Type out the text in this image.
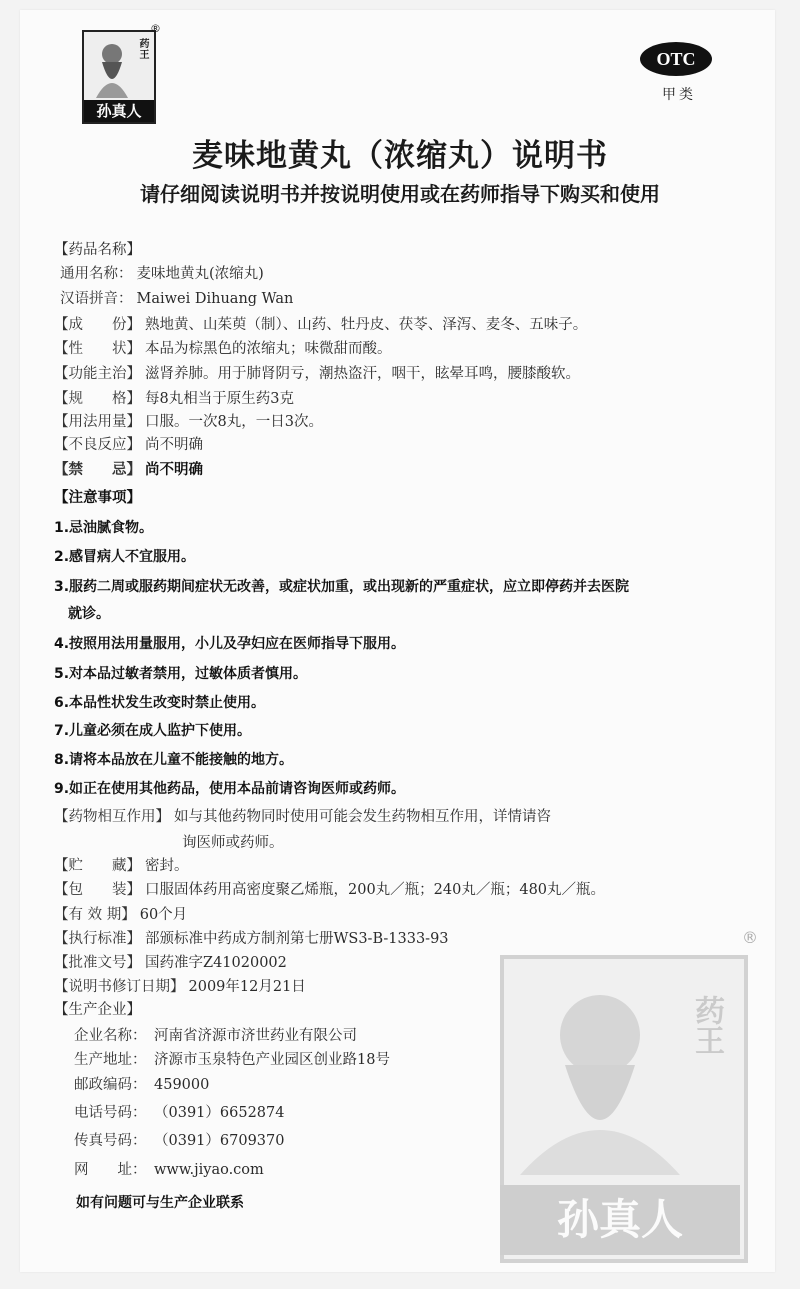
药王
孙真人
®
OTC
甲类
麦味地黄丸（浓缩丸）说明书
请仔细阅读说明书并按说明使用或在药师指导下购买和使用
【药品名称】
通用名称： 麦味地黄丸(浓缩丸)
汉语拼音： Maiwei Dihuang Wan
【成　　份】 熟地黄、山茱萸（制）、山药、牡丹皮、茯苓、泽泻、麦冬、五味子。
【性　　状】 本品为棕黑色的浓缩丸；味微甜而酸。
【功能主治】 滋肾养肺。用于肺肾阴亏，潮热盗汗，咽干，眩晕耳鸣，腰膝酸软。
【规　　格】 每8丸相当于原生药3克
【用法用量】 口服。一次8丸，一日3次。
【不良反应】 尚不明确
【禁　　忌】 尚不明确
【注意事项】
1.忌油腻食物。
2.感冒病人不宜服用。
3.服药二周或服药期间症状无改善，或症状加重，或出现新的严重症状，应立即停药并去医院
就诊。
4.按照用法用量服用，小儿及孕妇应在医师指导下服用。
5.对本品过敏者禁用，过敏体质者慎用。
6.本品性状发生改变时禁止使用。
7.儿童必须在成人监护下使用。
8.请将本品放在儿童不能接触的地方。
9.如正在使用其他药品，使用本品前请咨询医师或药师。
【药物相互作用】 如与其他药物同时使用可能会发生药物相互作用，详情请咨
询医师或药师。
【贮　　藏】 密封。
【包　　装】 口服固体药用高密度聚乙烯瓶，200丸／瓶；240丸／瓶；480丸／瓶。
【有 效 期】 60个月
【执行标准】 部颁标准中药成方制剂第七册WS3-B-1333-93
【批准文号】 国药准字Z41020002
【说明书修订日期】 2009年12月21日
【生产企业】
企业名称： 河南省济源市济世药业有限公司
生产地址： 济源市玉泉特色产业园区创业路18号
邮政编码： 459000
电话号码： （0391）6652874
传真号码： （0391）6709370
网　　址： www.jiyao.com
如有问题可与生产企业联系
药王
孙真人
®
